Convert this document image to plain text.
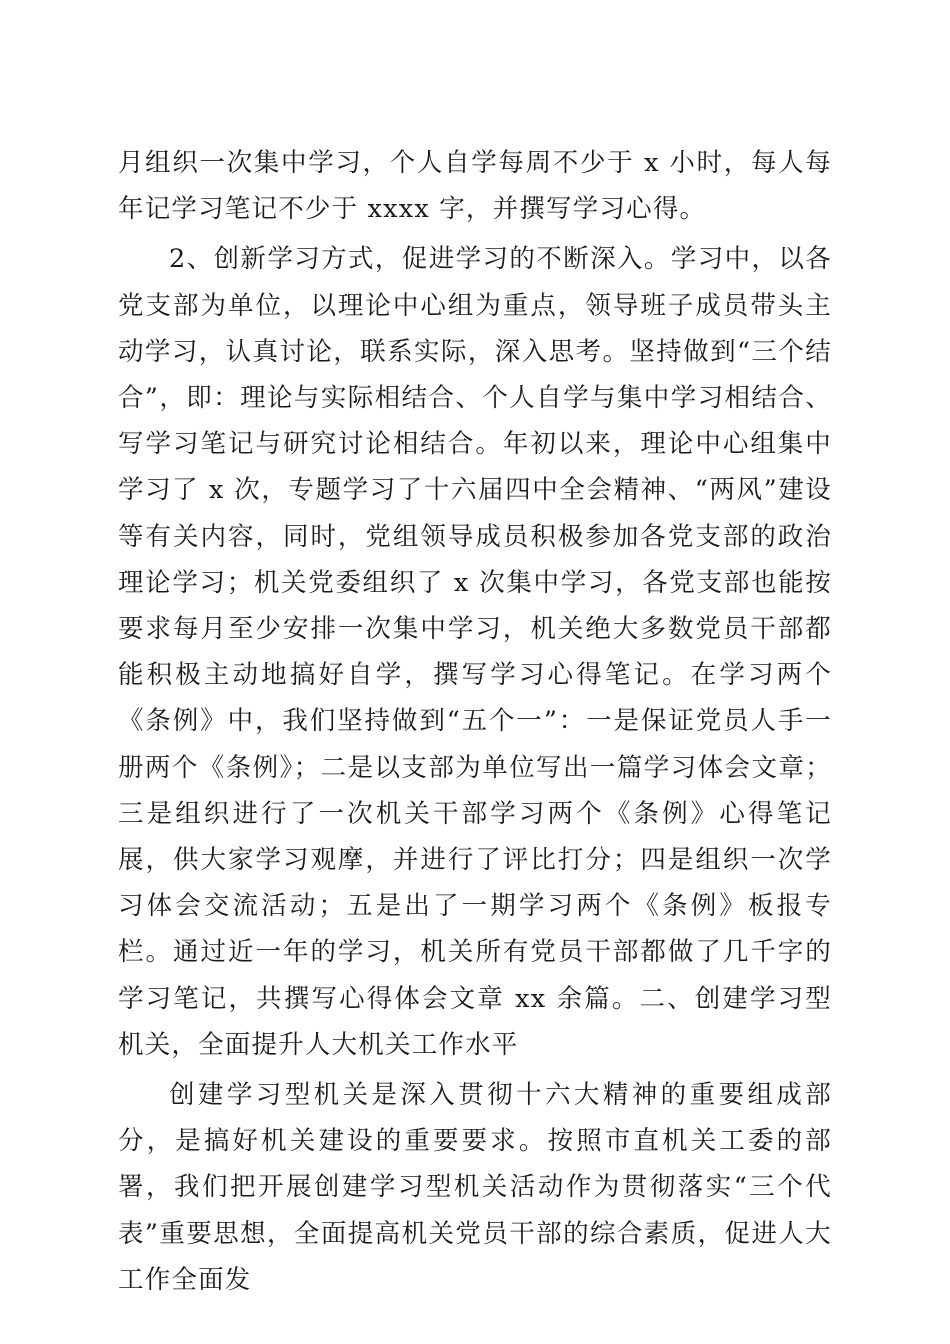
月组织一次集中学习，个人自学每周不少于 x 小时，每人每年记学习笔记不少于 xxxx 字，并撰写学习心得。

2、创新学习方式，促进学习的不断深入。学习中，以各党支部为单位，以理论中心组为重点，领导班子成员带头主动学习，认真讨论，联系实际，深入思考。坚持做到“三个结合”，即：理论与实际相结合、个人自学与集中学习相结合、写学习笔记与研究讨论相结合。年初以来，理论中心组集中学习了 x 次，专题学习了十六届四中全会精神、“两风”建设等有关内容，同时，党组领导成员积极参加各党支部的政治理论学习；机关党委组织了 x 次集中学习，各党支部也能按要求每月至少安排一次集中学习，机关绝大多数党员干部都能积极主动地搞好自学，撰写学习心得笔记。在学习两个《条例》中，我们坚持做到“五个一”：一是保证党员人手一册两个《条例》；二是以支部为单位写出一篇学习体会文章；三是组织进行了一次机关干部学习两个《条例》心得笔记展，供大家学习观摩，并进行了评比打分；四是组织一次学习体会交流活动；五是出了一期学习两个《条例》板报专栏。通过近一年的学习，机关所有党员干部都做了几千字的学习笔记，共撰写心得体会文章 xx 余篇。二、创建学习型机关，全面提升人大机关工作水平

创建学习型机关是深入贯彻十六大精神的重要组成部分，是搞好机关建设的重要要求。按照市直机关工委的部署，我们把开展创建学习型机关活动作为贯彻落实“三个代表”重要思想，全面提高机关党员干部的综合素质，促进人大工作全面发
